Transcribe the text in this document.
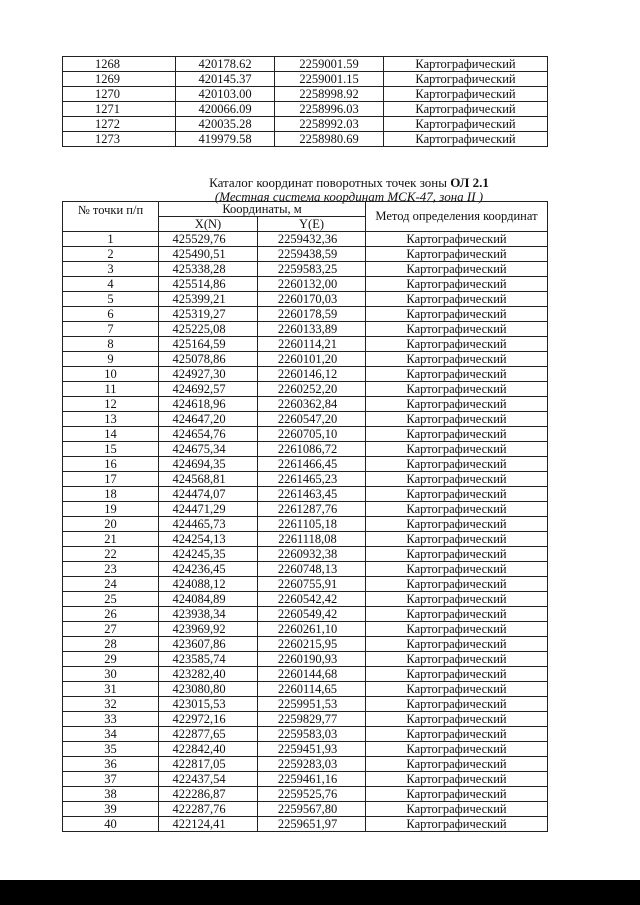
1268	420178.62	2259001.59	Картографический
1269	420145.37	2259001.15	Картографический
1270	420103.00	2258998.92	Картографический
1271	420066.09	2258996.03	Картографический
1272	420035.28	2258992.03	Картографический
1273	419979.58	2258980.69	Картографический
Каталог координат поворотных точек зоны ОЛ 2.1
(Местная система координат МСК-47, зона II )
№ точки п/п	Координаты, м		Метод определения координат
	X(N)	Y(E)	
1	425529,76	2259432,36	Картографический
2	425490,51	2259438,59	Картографический
3	425338,28	2259583,25	Картографический
4	425514,86	2260132,00	Картографический
5	425399,21	2260170,03	Картографический
6	425319,27	2260178,59	Картографический
7	425225,08	2260133,89	Картографический
8	425164,59	2260114,21	Картографический
9	425078,86	2260101,20	Картографический
10	424927,30	2260146,12	Картографический
11	424692,57	2260252,20	Картографический
12	424618,96	2260362,84	Картографический
13	424647,20	2260547,20	Картографический
14	424654,76	2260705,10	Картографический
15	424675,34	2261086,72	Картографический
16	424694,35	2261466,45	Картографический
17	424568,81	2261465,23	Картографический
18	424474,07	2261463,45	Картографический
19	424471,29	2261287,76	Картографический
20	424465,73	2261105,18	Картографический
21	424254,13	2261118,08	Картографический
22	424245,35	2260932,38	Картографический
23	424236,45	2260748,13	Картографический
24	424088,12	2260755,91	Картографический
25	424084,89	2260542,42	Картографический
26	423938,34	2260549,42	Картографический
27	423969,92	2260261,10	Картографический
28	423607,86	2260215,95	Картографический
29	423585,74	2260190,93	Картографический
30	423282,40	2260144,68	Картографический
31	423080,80	2260114,65	Картографический
32	423015,53	2259951,53	Картографический
33	422972,16	2259829,77	Картографический
34	422877,65	2259583,03	Картографический
35	422842,40	2259451,93	Картографический
36	422817,05	2259283,03	Картографический
37	422437,54	2259461,16	Картографический
38	422286,87	2259525,76	Картографический
39	422287,76	2259567,80	Картографический
40	422124,41	2259651,97	Картографический
